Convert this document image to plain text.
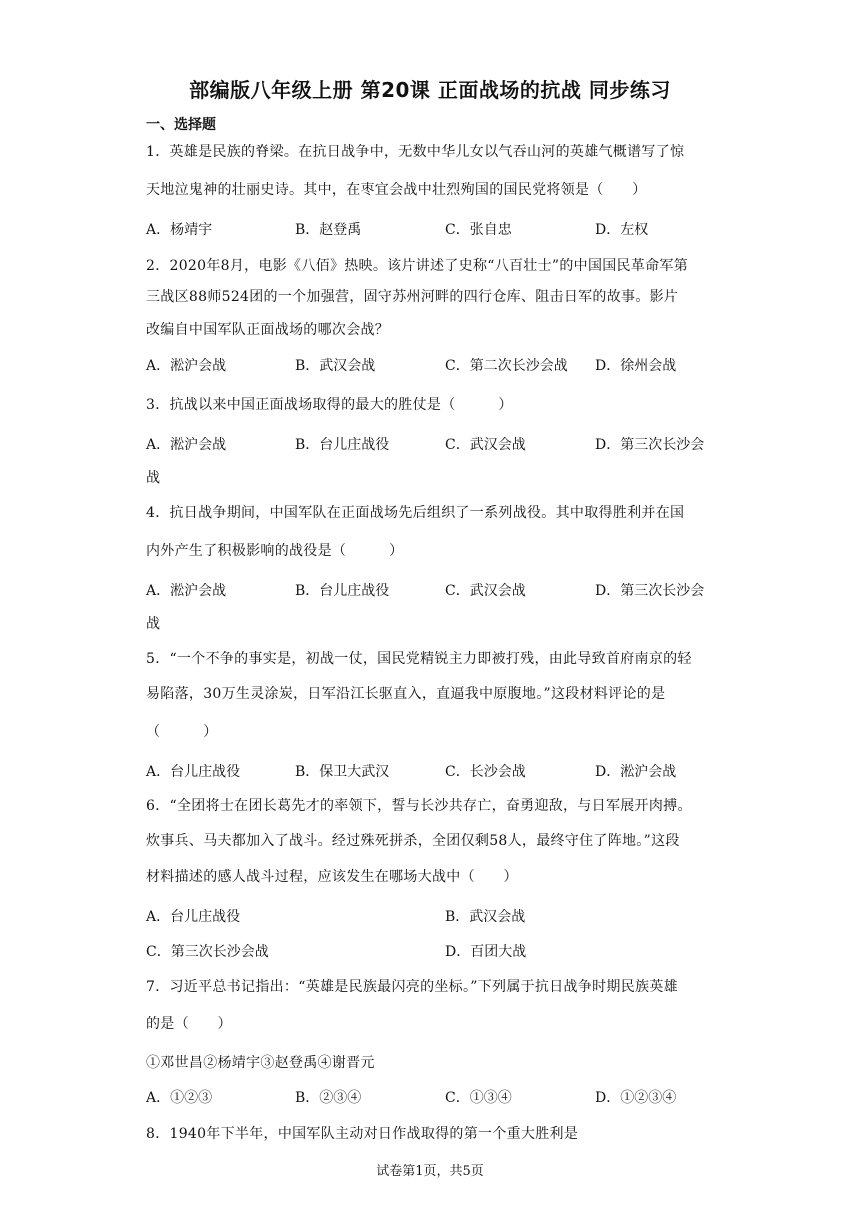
部编版八年级上册 第20课 正面战场的抗战 同步练习
一、选择题
1．英雄是民族的脊梁。在抗日战争中，无数中华儿女以气吞山河的英雄气概谱写了惊
天地泣鬼神的壮丽史诗。其中，在枣宜会战中壮烈殉国的国民党将领是（　　）
A．杨靖宇	B．赵登禹	C．张自忠	D．左权
2．2020年8月，电影《八佰》热映。该片讲述了史称“八百壮士”的中国国民革命军第
三战区88师524团的一个加强营，固守苏州河畔的四行仓库、阻击日军的故事。影片
改编自中国军队正面战场的哪次会战？
A．淞沪会战	B．武汉会战	C．第二次长沙会战 D．徐州会战
3．抗战以来中国正面战场取得的最大的胜仗是（　　　）
A．淞沪会战	B．台儿庄战役	C．武汉会战	D．第三次长沙会
战
4．抗日战争期间，中国军队在正面战场先后组织了一系列战役。其中取得胜利并在国
内外产生了积极影响的战役是（　　　）
A．淞沪会战	B．台儿庄战役	C．武汉会战	D．第三次长沙会
战
5．“一个不争的事实是，初战一仗，国民党精锐主力即被打残，由此导致首府南京的轻
易陷落，30万生灵涂炭，日军沿江长驱直入，直逼我中原腹地。”这段材料评论的是
（　　　）
A．台儿庄战役	B．保卫大武汉	C．长沙会战	D．淞沪会战
6．“全团将士在团长葛先才的率领下，誓与长沙共存亡，奋勇迎敌，与日军展开肉搏。
炊事兵、马夫都加入了战斗。经过殊死拼杀，全团仅剩58人，最终守住了阵地。”这段
材料描述的感人战斗过程，应该发生在哪场大战中（　　）
A．台儿庄战役	B．武汉会战
C．第三次长沙会战	D．百团大战
7．习近平总书记指出：“英雄是民族最闪亮的坐标。”下列属于抗日战争时期民族英雄
的是（　　）
①邓世昌②杨靖宇③赵登禹④谢晋元
A．①②③	B．②③④	C．①③④	D．①②③④
8．1940年下半年，中国军队主动对日作战取得的第一个重大胜利是
试卷第1页，共5页
